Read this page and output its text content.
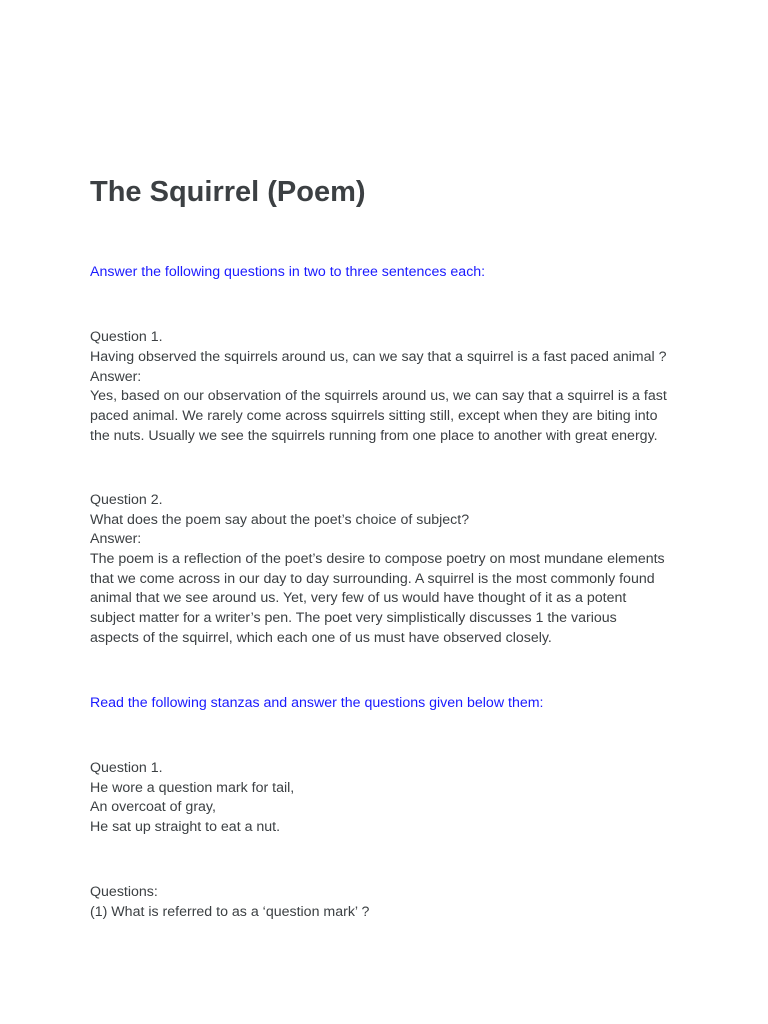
The Squirrel (Poem)

Answer the following questions in two to three sentences each:

Question 1.

Having observed the squirrels around us, can we say that a squirrel is a fast paced animal ?

Answer:

Yes, based on our observation of the squirrels around us, we can say that a squirrel is a fast

paced animal. We rarely come across squirrels sitting still, except when they are biting into

the nuts. Usually we see the squirrels running from one place to another with great energy.

Question 2.

What does the poem say about the poet’s choice of subject?

Answer:

The poem is a reflection of the poet’s desire to compose poetry on most mundane elements

that we come across in our day to day surrounding. A squirrel is the most commonly found

animal that we see around us. Yet, very few of us would have thought of it as a potent

subject matter for a writer’s pen. The poet very simplistically discusses 1 the various

aspects of the squirrel, which each one of us must have observed closely.

Read the following stanzas and answer the questions given below them:

Question 1.

He wore a question mark for tail,

An overcoat of gray,

He sat up straight to eat a nut.

Questions:

(1) What is referred to as a ‘question mark’ ?
